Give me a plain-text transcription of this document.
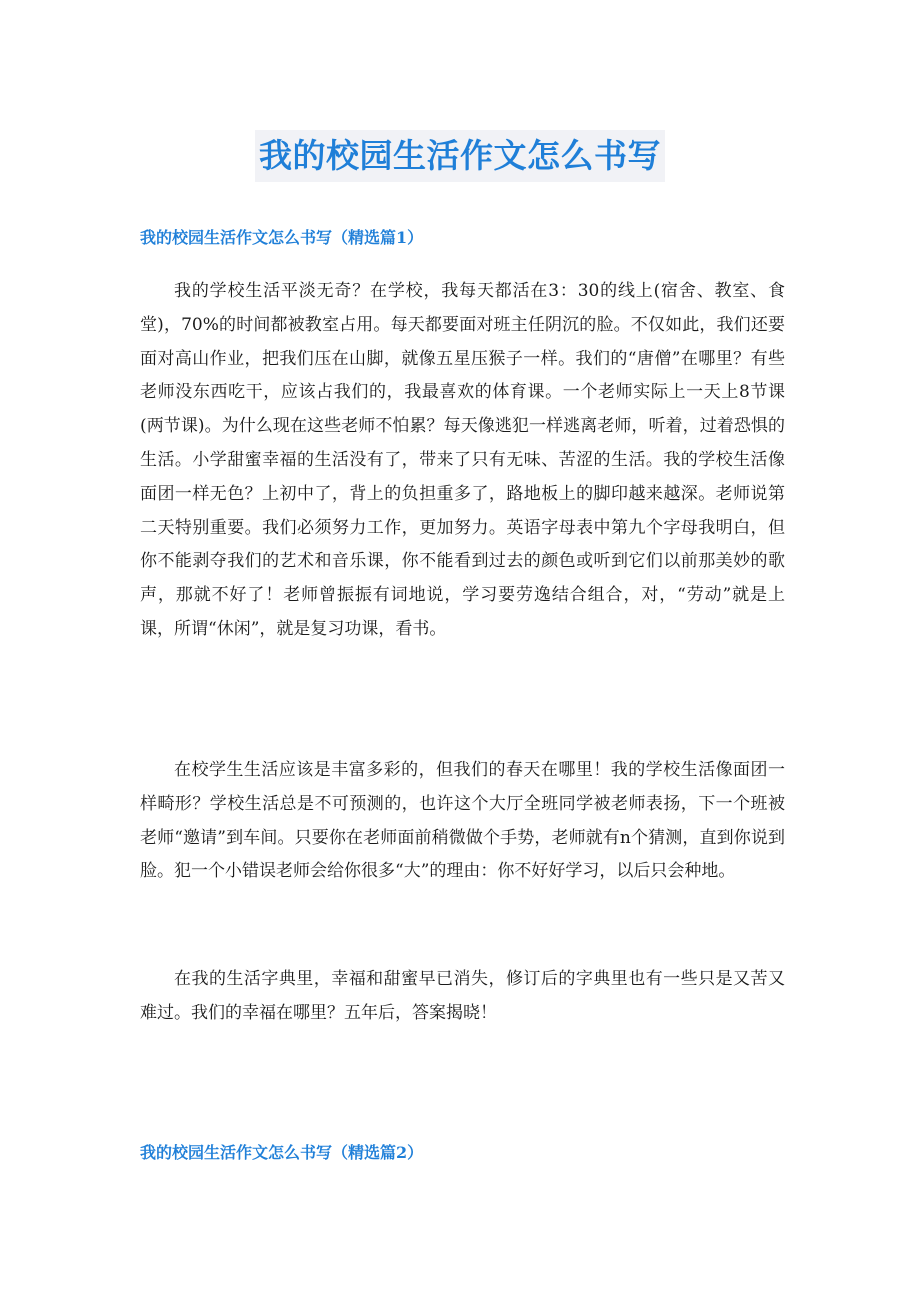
我的校园生活作文怎么书写
我的校园生活作文怎么书写（精选篇1）

我的学校生活平淡无奇？在学校，我每天都活在3：30的线上(宿舍、教室、食堂)，70%的时间都被教室占用。每天都要面对班主任阴沉的脸。不仅如此，我们还要面对高山作业，把我们压在山脚，就像五星压猴子一样。我们的“唐僧”在哪里？有些老师没东西吃干，应该占我们的，我最喜欢的体育课。一个老师实际上一天上8节课(两节课)。为什么现在这些老师不怕累？每天像逃犯一样逃离老师，听着，过着恐惧的生活。小学甜蜜幸福的生活没有了，带来了只有无味、苦涩的生活。我的学校生活像面团一样无色？上初中了，背上的负担重多了，路地板上的脚印越来越深。老师说第二天特别重要。我们必须努力工作，更加努力。英语字母表中第九个字母我明白，但你不能剥夺我们的艺术和音乐课，你不能看到过去的颜色或听到它们以前那美妙的歌声，那就不好了！老师曾振振有词地说，学习要劳逸结合组合，对，“劳动”就是上课，所谓“休闲”，就是复习功课，看书。

在校学生生活应该是丰富多彩的，但我们的春天在哪里！我的学校生活像面团一样畸形？学校生活总是不可预测的，也许这个大厅全班同学被老师表扬，下一个班被老师“邀请”到车间。只要你在老师面前稍微做个手势，老师就有n个猜测，直到你说到脸。犯一个小错误老师会给你很多“大”的理由：你不好好学习，以后只会种地。

在我的生活字典里，幸福和甜蜜早已消失，修订后的字典里也有一些只是又苦又难过。我们的幸福在哪里？五年后，答案揭晓！

我的校园生活作文怎么书写（精选篇2）
